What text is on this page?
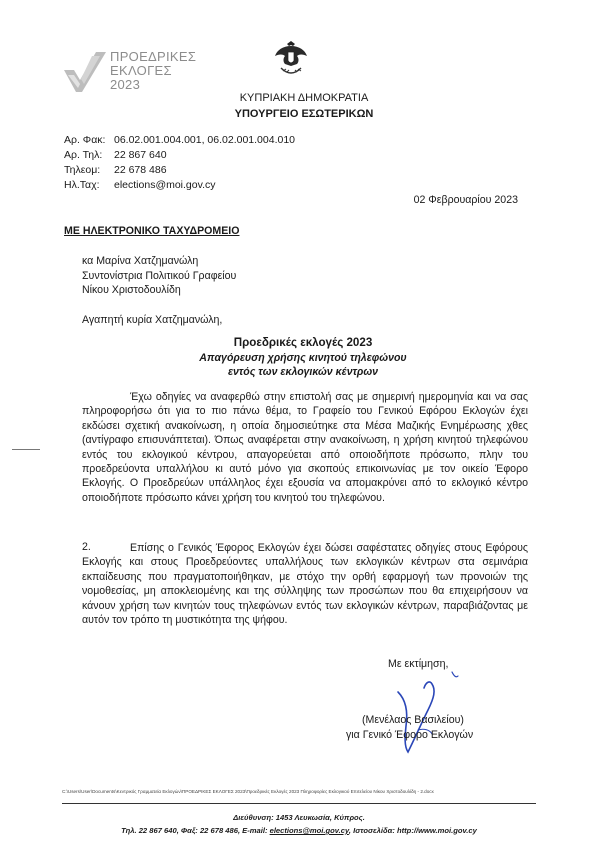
ΠΡΟΕΔΡΙΚΕΣ
ΕΚΛΟΓΕΣ
2023
ΚΥΠΡΙΑΚΗ ΔΗΜΟΚΡΑΤΙΑ
ΥΠΟΥΡΓΕΙΟ ΕΣΩΤΕΡΙΚΩΝ
Αρ. Φακ: 06.02.001.004.001, 06.02.001.004.010
Αρ. Τηλ: 22 867 640
Τηλεομ: 22 678 486
Ηλ.Ταχ: elections@moi.gov.cy
02 Φεβρουαρίου 2023
ΜΕ ΗΛΕΚΤΡΟΝΙΚΟ ΤΑΧΥΔΡΟΜΕΙΟ
κα Μαρίνα Χατζημανώλη
Συντονίστρια Πολιτικού Γραφείου
Νίκου Χριστοδουλίδη
Αγαπητή κυρία Χατζημανώλη,
Προεδρικές εκλογές 2023
Απαγόρευση χρήσης κινητού τηλεφώνου
εντός των εκλογικών κέντρων
Έχω οδηγίες να αναφερθώ στην επιστολή σας με σημερινή ημερομηνία και να σας πληροφορήσω ότι για το πιο πάνω θέμα, το Γραφείο του Γενικού Εφόρου Εκλογών έχει εκδώσει σχετική ανακοίνωση, η οποία δημοσιεύτηκε στα Μέσα Μαζικής Ενημέρωσης χθες (αντίγραφο επισυνάπτεται). Όπως αναφέρεται στην ανακοίνωση, η χρήση κινητού τηλεφώνου εντός του εκλογικού κέντρου, απαγορεύεται από οποιοδήποτε πρόσωπο, πλην του προεδρεύοντα υπαλλήλου κι αυτό μόνο για σκοπούς επικοινωνίας με τον οικείο Έφορο Εκλογής. Ο Προεδρεύων υπάλληλος έχει εξουσία να απομακρύνει από το εκλογικό κέντρο οποιοδήποτε πρόσωπο κάνει χρήση του κινητού του τηλεφώνου.
2.	Επίσης ο Γενικός Έφορος Εκλογών έχει δώσει σαφέστατες οδηγίες στους Εφόρους Εκλογής και στους Προεδρεύοντες υπαλλήλους των εκλογικών κέντρων στα σεμινάρια εκπαίδευσης που πραγματοποιήθηκαν, με στόχο την ορθή εφαρμογή των προνοιών της νομοθεσίας, μη αποκλειομένης και της σύλληψης των προσώπων που θα επιχειρήσουν να κάνουν χρήση των κινητών τους τηλεφώνων εντός των εκλογικών κέντρων, παραβιάζοντας με αυτόν τον τρόπο τη μυστικότητα της ψήφου.
Με εκτίμηση,
(Μενέλαος Βασιλείου)
για Γενικό Έφορο Εκλογών
C:\Users\User\Documents\Κεντρικός Γραμματεία Εκλογών\ΠΡΟΕΔΡΙΚΕΣ ΕΚΛΟΓΕΣ 2023\Προεδρικές Εκλογές 2023 Πληροφορίες Εκλογικού Επιτελείου Νίκου Χριστοδουλίδη - 2.docx
Διεύθυνση: 1453 Λευκωσία, Κύπρος.
Τηλ. 22 867 640, Φαξ: 22 678 486, E-mail: elections@moi.gov.cy, Ιστοσελίδα: http://www.moi.gov.cy
